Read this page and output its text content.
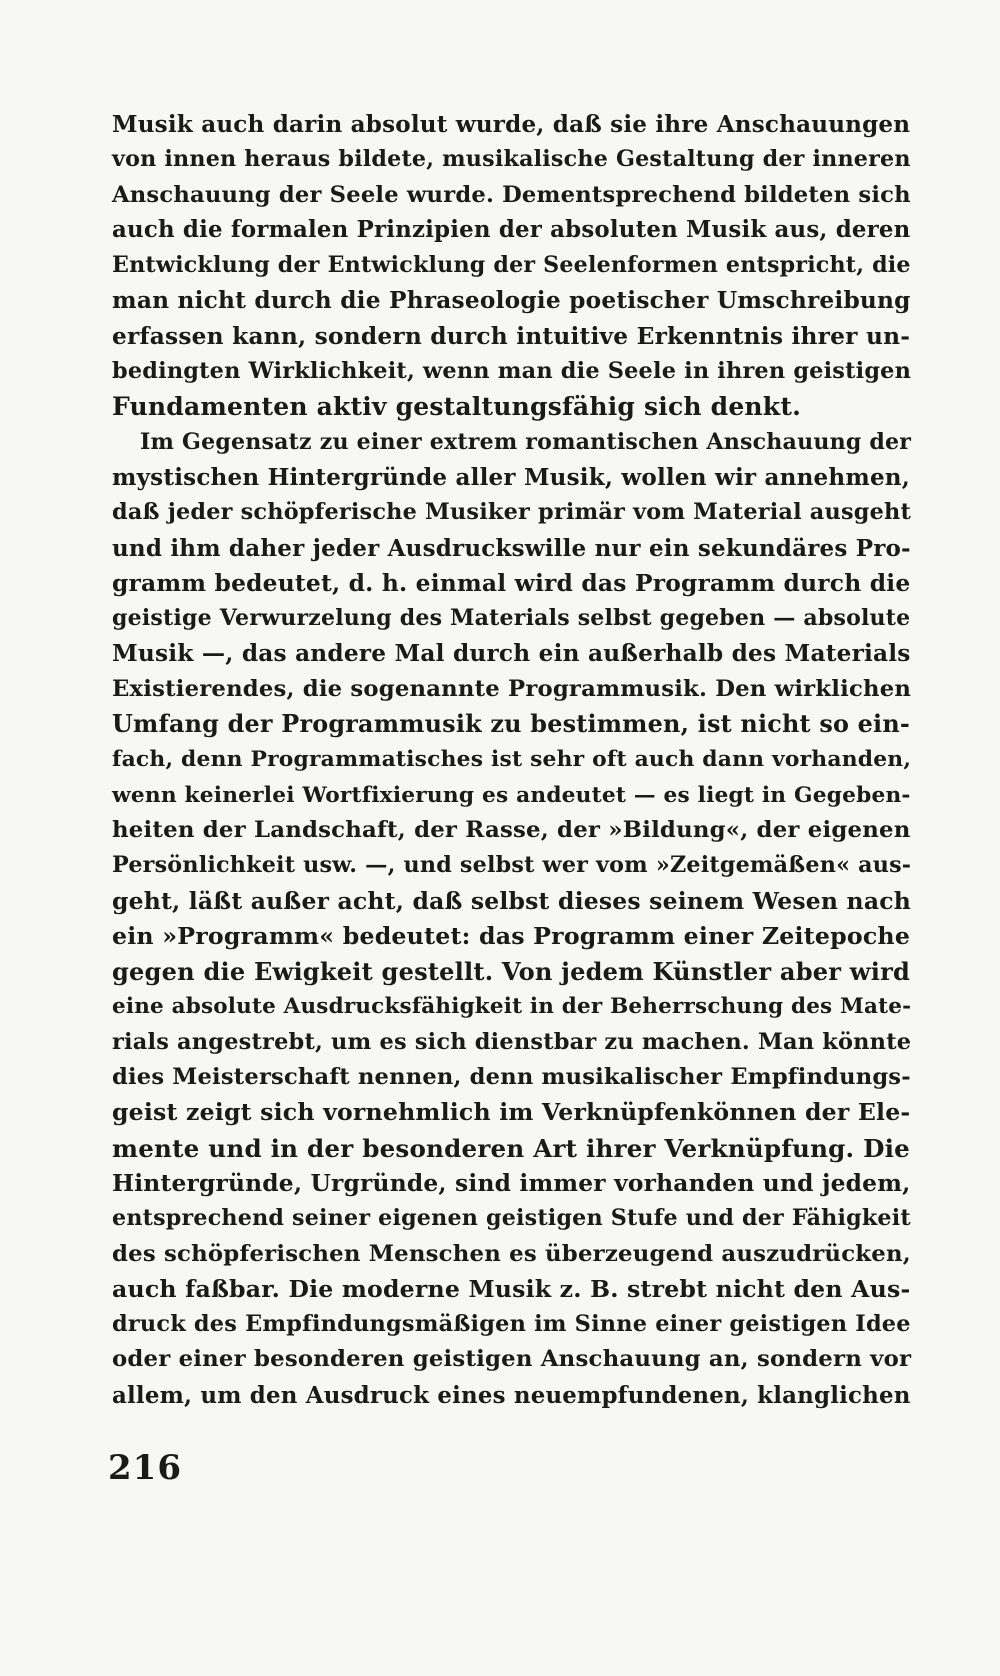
Musik auch darin absolut wurde, daß sie ihre Anschauungen
von innen heraus bildete, musikalische Gestaltung der inneren
Anschauung der Seele wurde. Dementsprechend bildeten sich
auch die formalen Prinzipien der absoluten Musik aus, deren
Entwicklung der Entwicklung der Seelenformen entspricht, die
man nicht durch die Phraseologie poetischer Umschreibung
erfassen kann, sondern durch intuitive Erkenntnis ihrer un-
bedingten Wirklichkeit, wenn man die Seele in ihren geistigen
Fundamenten aktiv gestaltungsfähig sich denkt.
Im Gegensatz zu einer extrem romantischen Anschauung der
mystischen Hintergründe aller Musik, wollen wir annehmen,
daß jeder schöpferische Musiker primär vom Material ausgeht
und ihm daher jeder Ausdruckswille nur ein sekundäres Pro-
gramm bedeutet, d. h. einmal wird das Programm durch die
geistige Verwurzelung des Materials selbst gegeben — absolute
Musik —, das andere Mal durch ein außerhalb des Materials
Existierendes, die sogenannte Programmusik. Den wirklichen
Umfang der Programmusik zu bestimmen, ist nicht so ein-
fach, denn Programmatisches ist sehr oft auch dann vorhanden,
wenn keinerlei Wortfixierung es andeutet — es liegt in Gegeben-
heiten der Landschaft, der Rasse, der »Bildung«, der eigenen
Persönlichkeit usw. —, und selbst wer vom »Zeitgemäßen« aus-
geht, läßt außer acht, daß selbst dieses seinem Wesen nach
ein »Programm« bedeutet: das Programm einer Zeitepoche
gegen die Ewigkeit gestellt. Von jedem Künstler aber wird
eine absolute Ausdrucksfähigkeit in der Beherrschung des Mate-
rials angestrebt, um es sich dienstbar zu machen. Man könnte
dies Meisterschaft nennen, denn musikalischer Empfindungs-
geist zeigt sich vornehmlich im Verknüpfenkönnen der Ele-
mente und in der besonderen Art ihrer Verknüpfung. Die
Hintergründe, Urgründe, sind immer vorhanden und jedem,
entsprechend seiner eigenen geistigen Stufe und der Fähigkeit
des schöpferischen Menschen es überzeugend auszudrücken,
auch faßbar. Die moderne Musik z. B. strebt nicht den Aus-
druck des Empfindungsmäßigen im Sinne einer geistigen Idee
oder einer besonderen geistigen Anschauung an, sondern vor
allem, um den Ausdruck eines neuempfundenen, klanglichen
216
